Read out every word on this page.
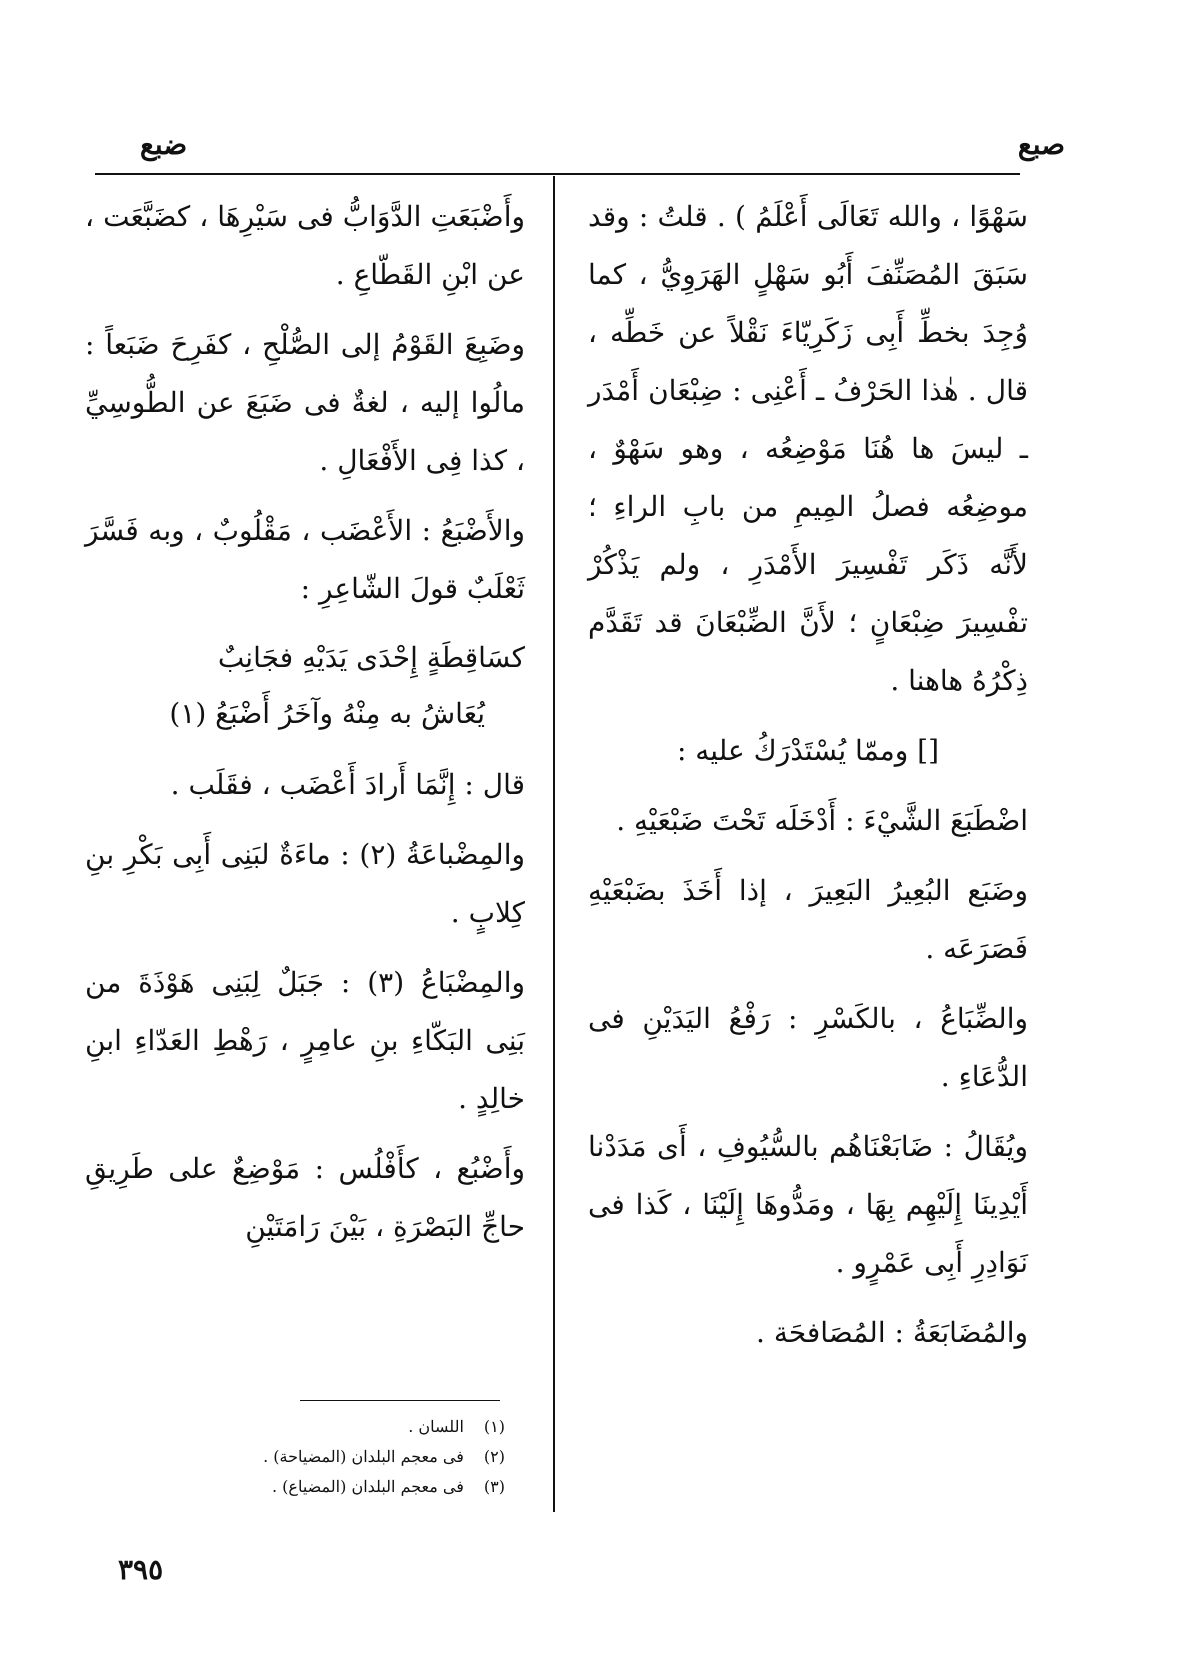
صبع
ضبع

سَهْوًا ، والله تَعَالَى أَعْلَمُ ) . قلتُ : وقد سَبَقَ المُصَنِّفَ أَبُو سَهْلٍ الهَرَوِيُّ ، كما وُجِدَ بخطِّ أَبِى زَكَرِيّاءَ نَقْلاً عن خَطِّه ، قال . هٰذا الحَرْفُ ـ أَعْنِى : ضِبْعَان أَمْدَر ـ ليسَ ها هُنَا مَوْضِعُه ، وهو سَهْوٌ ، موضِعُه فصلُ المِيمِ من بابِ الراءِ ؛ لأَنَّه ذَكَر تَفْسِيرَ الأَمْدَرِ ، ولم يَذْكُرْ تفْسِيرَ ضِبْعَانٍ ؛ لأَنَّ الضِّبْعَانَ قد تَقَدَّم ذِكْرُهُ هاهنا .

[] وممّا يُسْتَدْرَكُ عليه :

اضْطَبَعَ الشَّيْءَ : أَدْخَلَه تَحْتَ ضَبْعَيْهِ .

وضَبَع البُعِيرُ البَعِيرَ ، إذا أَخَذَ بضَبْعَيْهِ فَصَرَعَه .

والضِّبَاعُ ، بالكَسْرِ : رَفْعُ اليَدَيْنِ فى الدُّعَاءِ .

ويُقَالُ : ضَابَعْنَاهُم بالسُّيُوفِ ، أَى مَدَدْنا أَيْدِينَا إِلَيْهِم بِهَا ، ومَدُّوهَا إِلَيْنَا ، كَذا فى نَوَادِرِ أَبِى عَمْرٍو .

والمُضَابَعَةُ : المُصَافحَة .

وأَضْبَعَتِ الدَّوَابُّ فى سَيْرِهَا ، كضَبَّعَت ، عن ابْنِ القَطّاعِ .

وضَبِعَ القَوْمُ إلى الصُّلْحِ ، كفَرِحَ ضَبَعاً : مالُوا إليه ، لغةٌ فى ضَبَعَ عن الطُّوسِيِّ ، كذا فِى الأَفْعَالِ .

والأَضْبَعُ : الأَعْضَب ، مَقْلُوبٌ ، وبه فَسَّرَ ثَعْلَبٌ قولَ الشّاعِرِ :

كسَاقِطَةٍ إِحْدَى يَدَيْهِ فجَانِبٌ
يُعَاشُ به مِنْهُ وآخَرُ أَضْبَعُ (١)

قال : إِنَّمَا أَرادَ أَعْضَب ، فقَلَب .

والمِضْباعَةُ (٢) : ماءَةٌ لبَنِى أَبِى بَكْرِ بنِ كِلابٍ .

والمِضْبَاعُ (٣) : جَبَلٌ لِبَنِى هَوْذَةَ من بَنِى البَكّاءِ بنِ عامِرٍ ، رَهْطِ العَدّاءِ ابنِ خالِدٍ .

وأَضْبُع ، كأَفْلُس : مَوْضِعٌ على طَرِيقِ حاجِّ البَصْرَةِ ، بَيْنَ رَامَتَيْنِ

(١) اللسان .
(٢) فى معجم البلدان (المضياحة) .
(٣) فى معجم البلدان (المضياع) .
٣٩٥
